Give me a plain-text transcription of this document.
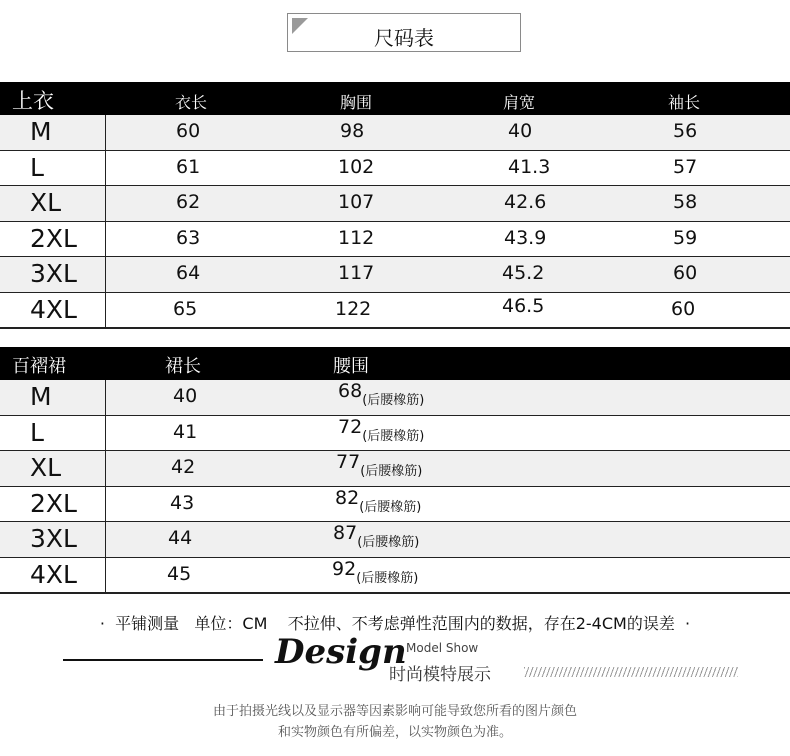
尺码表
上衣	衣长	胸围	肩宽	袖长
M	60	98	40	56
L	61	102	41.3	57
XL	62	107	42.6	58
2XL	63	112	43.9	59
3XL	64	117	45.2	60
4XL	65	122	46.5	60
百褶裙	裙长	腰围
M	40	$68_{(后腰橡筋)}$
L	41	$72_{(后腰橡筋)}$
XL	42	$77_{(后腰橡筋)}$
2XL	43	$82_{(后腰橡筋)}$
3XL	44	$87_{(后腰橡筋)}$
4XL	45	$92_{(后腰橡筋)}$
·  平铺测量   单位：CM    不拉伸、不考虑弹性范围内的数据，存在2-4CM的误差  ·
Design Model Show
时尚模特展示
由于拍摄光线以及显示器等因素影响可能导致您所看的图片颜色
和实物颜色有所偏差，以实物颜色为准。
